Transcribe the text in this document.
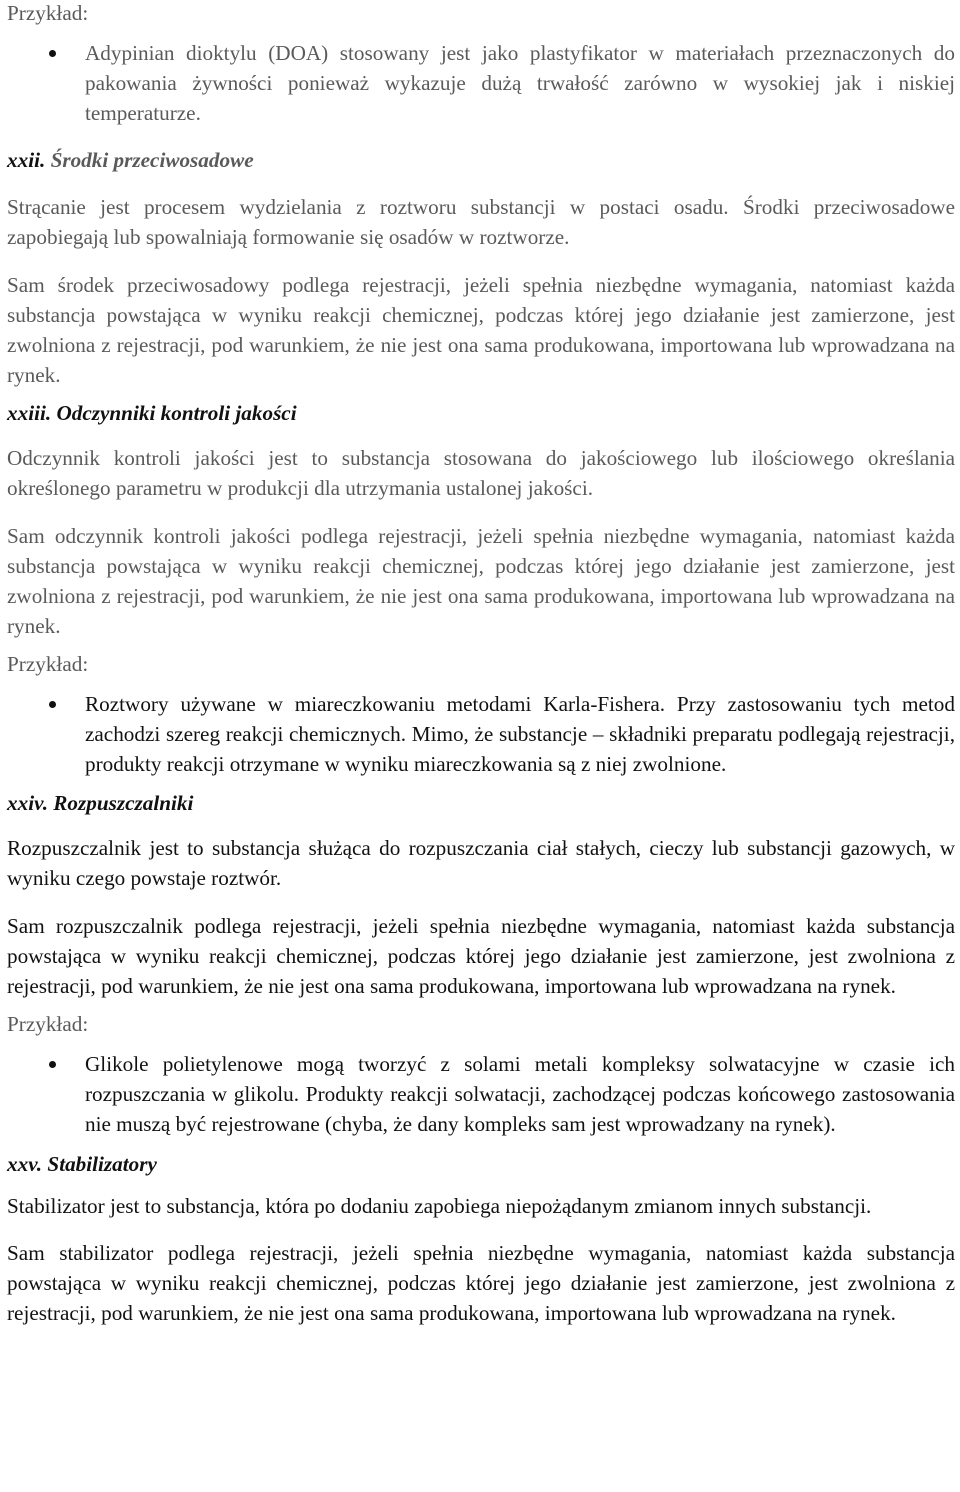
Przykład:

Adypinian dioktylu (DOA) stosowany jest jako plastyfikator w materiałach przeznaczonych do pakowania żywności ponieważ wykazuje dużą trwałość zarówno w wysokiej jak i niskiej temperaturze.

xxii. Środki przeciwosadowe

Strącanie jest procesem wydzielania z roztworu substancji w postaci osadu. Środki przeciwosadowe zapobiegają lub spowalniają formowanie się osadów w roztworze.

Sam środek przeciwosadowy podlega rejestracji, jeżeli spełnia niezbędne wymagania, natomiast każda substancja powstająca w wyniku reakcji chemicznej, podczas której jego działanie jest zamierzone, jest zwolniona z rejestracji, pod warunkiem, że nie jest ona sama produkowana, importowana lub wprowadzana na rynek.

xxiii. Odczynniki kontroli jakości

Odczynnik kontroli jakości jest to substancja stosowana do jakościowego lub ilościowego określania określonego parametru w produkcji dla utrzymania ustalonej jakości.

Sam odczynnik kontroli jakości podlega rejestracji, jeżeli spełnia niezbędne wymagania, natomiast każda substancja powstająca w wyniku reakcji chemicznej, podczas której jego działanie jest zamierzone, jest zwolniona z rejestracji, pod warunkiem, że nie jest ona sama produkowana, importowana lub wprowadzana na rynek.

Przykład:

Roztwory używane w miareczkowaniu metodami Karla-Fishera. Przy zastosowaniu tych metod zachodzi szereg reakcji chemicznych. Mimo, że substancje – składniki preparatu podlegają rejestracji, produkty reakcji otrzymane w wyniku miareczkowania są z niej zwolnione.

xxiv. Rozpuszczalniki

Rozpuszczalnik jest to substancja służąca do rozpuszczania ciał stałych, cieczy lub substancji gazowych, w wyniku czego powstaje roztwór.

Sam rozpuszczalnik podlega rejestracji, jeżeli spełnia niezbędne wymagania, natomiast każda substancja powstająca w wyniku reakcji chemicznej, podczas której jego działanie jest zamierzone, jest zwolniona z rejestracji, pod warunkiem, że nie jest ona sama produkowana, importowana lub wprowadzana na rynek.

Przykład:

Glikole polietylenowe mogą tworzyć z solami metali kompleksy solwatacyjne w czasie ich rozpuszczania w glikolu. Produkty reakcji solwatacji, zachodzącej podczas końcowego zastosowania nie muszą być rejestrowane (chyba, że dany kompleks sam jest wprowadzany na rynek).

xxv. Stabilizatory

Stabilizator jest to substancja, która po dodaniu zapobiega niepożądanym zmianom innych substancji.

Sam stabilizator podlega rejestracji, jeżeli spełnia niezbędne wymagania, natomiast każda substancja powstająca w wyniku reakcji chemicznej, podczas której jego działanie jest zamierzone, jest zwolniona z rejestracji, pod warunkiem, że nie jest ona sama produkowana, importowana lub wprowadzana na rynek.
